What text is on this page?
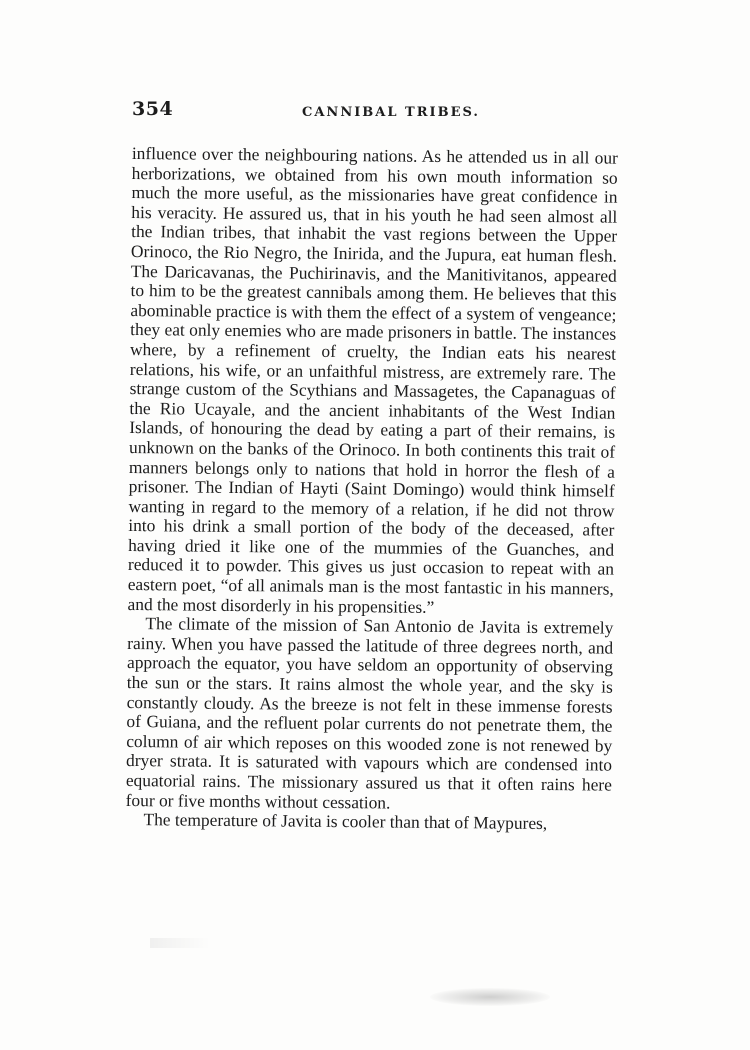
354	CANNIBAL TRIBES.

influence over the neighbouring nations. As he attended us in all our herborizations, we obtained from his own mouth information so much the more useful, as the missionaries have great confidence in his veracity. He assured us, that in his youth he had seen almost all the Indian tribes, that inhabit the vast regions between the Upper Orinoco, the Rio Negro, the Inirida, and the Jupura, eat human flesh. The Daricavanas, the Puchirinavis, and the Manitivitanos, appeared to him to be the greatest cannibals among them. He believes that this abominable practice is with them the effect of a system of vengeance; they eat only enemies who are made prisoners in battle. The instances where, by a refinement of cruelty, the Indian eats his nearest relations, his wife, or an unfaithful mistress, are extremely rare. The strange custom of the Scythians and Massagetes, the Capanaguas of the Rio Ucayale, and the ancient inhabitants of the West Indian Islands, of honouring the dead by eating a part of their remains, is unknown on the banks of the Orinoco. In both continents this trait of manners belongs only to nations that hold in horror the flesh of a prisoner. The Indian of Hayti (Saint Domingo) would think himself wanting in regard to the memory of a relation, if he did not throw into his drink a small portion of the body of the deceased, after having dried it like one of the mummies of the Guanches, and reduced it to powder. This gives us just occasion to repeat with an eastern poet, “of all animals man is the most fantastic in his manners, and the most disorderly in his propensities.”

The climate of the mission of San Antonio de Javita is extremely rainy. When you have passed the latitude of three degrees north, and approach the equator, you have seldom an opportunity of observing the sun or the stars. It rains almost the whole year, and the sky is constantly cloudy. As the breeze is not felt in these immense forests of Guiana, and the refluent polar currents do not penetrate them, the column of air which reposes on this wooded zone is not renewed by dryer strata. It is saturated with vapours which are condensed into equatorial rains. The missionary assured us that it often rains here four or five months without cessation.

The temperature of Javita is cooler than that of Maypures,
